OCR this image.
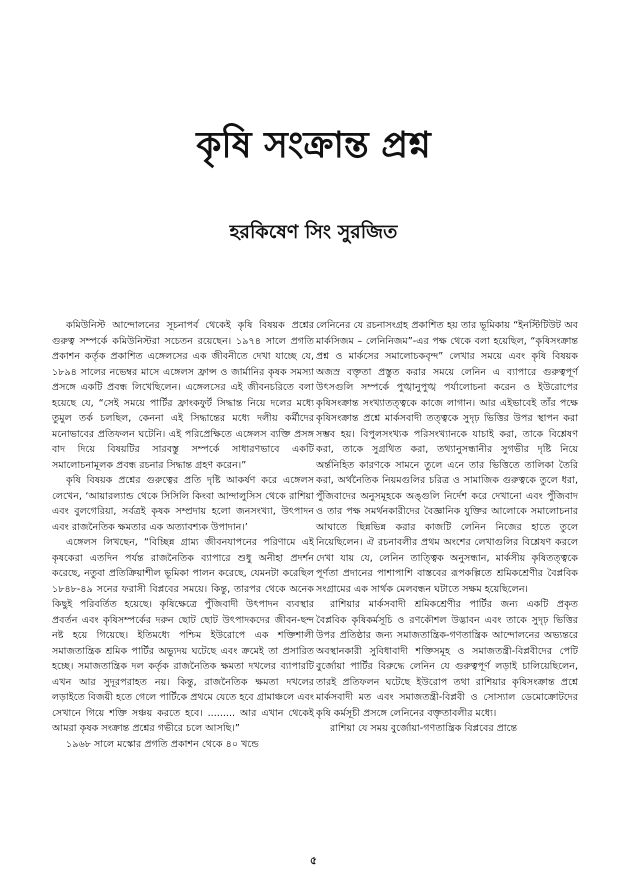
কৃষি সংক্রান্ত প্রশ্ন
হরকিষেণ সিং সুরজিত

কমিউনিস্ট আন্দোলনের সূচনাপর্ব থেকেই কৃষি বিষয়ক প্রশ্নের গুরুত্ব সম্পর্কে কমিউনিস্টরা সচেতন রয়েছেন। ১৯৭৪ সালে প্রগতি প্রকাশন কর্তৃক প্রকাশিত এঙ্গেলসের এক জীবনীতে দেখা যাচ্ছে যে, ১৮৯৪ সালের নভেম্বর মাসে এঙ্গেলস ফ্রান্স ও জার্মানির কৃষক সমস্যা প্রসঙ্গে একটি প্রবন্ধ লিখেছিলেন। এঙ্গেলসের এই জীবনচরিতে বলা হয়েছে যে, “সেই সময়ে পার্টির ফ্রাংকফুর্ট সিদ্ধান্ত নিয়ে দলের মধ্যে তুমুল তর্ক চলছিল, কেননা এই সিদ্ধান্তের মধ্যে দলীয় কর্মীদের মনোভাবের প্রতিফলন ঘটেনি। এই পরিপ্রেক্ষিতে এঙ্গেলস ব্যক্তি প্রসঙ্গ বাদ দিয়ে বিষয়টির সারবস্তু সম্পর্কে সাধারণভাবে একটি সমালোচনামূলক প্রবন্ধ রচনার সিদ্ধান্ত গ্রহণ করেন।”

কৃষি বিষয়ক প্রশ্নের গুরুত্বের প্রতি দৃষ্টি আকর্ষণ করে এঙ্গেলস লেখেন, ‘আয়ারল্যান্ড থেকে সিসিলি কিংবা আন্দালুসিস থেকে রাশিয়া এবং বুলগেরিয়া, সর্বত্রই কৃষক সম্প্রদায় হলো জনসংখ্যা, উৎপাদন এবং রাজনৈতিক ক্ষমতার এক অত্যাবশ্যক উপাদান।’

এঙ্গেলস লিখছেন, “বিচ্ছিন্ন গ্রাম্য জীবনযাপনের পরিণামে এই কৃষকেরা এতদিন পর্যন্ত রাজনৈতিক ব্যাপারে শুধু অনীহা প্রদর্শন করেছে, নতুবা প্রতিক্রিয়াশীল ভূমিকা পালন করেছে, যেমনটা করেছিল ১৮৪৮-৪৯ সনের ফরাসী বিপ্লবের সময়ে। কিন্তু, তারপর থেকে অনেক কিছুই পরিবর্তিত হয়েছে। কৃষিক্ষেত্রে পুঁজিবাদী উৎপাদন ব্যবস্থার প্রবর্তন এবং কৃষিসম্পর্কের দরুন ছোট ছোট উৎপাদকদের জীবন-ছন্দ নষ্ট হয়ে গিয়েছে। ইতিমধ্যে পশ্চিম ইউরোপে এক শক্তিশালী সমাজতান্ত্রিক শ্রমিক পার্টির অভ্যুদয় ঘটেছে এবং ক্রমেই তা প্রসারিত হচ্ছে। সমাজতান্ত্রিক দল কর্তৃক রাজনৈতিক ক্ষমতা দখলের ব্যাপারটি এখন আর সুদূরপরাহত নয়। কিন্তু, রাজনৈতিক ক্ষমতা দখলের লড়াইতে বিজয়ী হতে গেলে পার্টিকে প্রথমে যেতে হবে গ্রামাঞ্চলে এবং সেখানে গিয়ে শক্তি সঞ্চয় করতে হবে। ......... আর এখান থেকেই আমরা কৃষক সংক্রান্ত প্রশ্নের গভীরে চলে আসছি।”

১৯৬৮ সালে মস্কোর প্রগতি প্রকাশন থেকে ৪০ খন্ডে

লেনিনের যে রচনাসংগ্রহ প্রকাশিত হয় তার ভূমিকায় “ইনস্টিটিউট অব মার্কসিজম – লেনিনিজম”-এর পক্ষ থেকে বলা হয়েছিল, “কৃষিসংক্রান্ত প্রশ্ন ও মার্কসের সমালোচকবৃন্দ” লেখার সময়ে এবং কৃষি বিষয়ক অজস্র বক্তৃতা প্রস্তুত করার সময়ে লেনিন এ ব্যাপারে গুরুত্বপূর্ণ উৎসগুলি সম্পর্কে পুঙ্খানুপুঙ্খ পর্যালোচনা করেন ও ইউরোপের কৃষিসংক্রান্ত সংখ্যাতত্ত্বকে কাজে লাগান। আর এইভাবেই তাঁর পক্ষে কৃষিসংক্রান্ত প্রশ্নে মার্কসবাদী তত্ত্বকে সুদৃঢ় ভিত্তির উপর স্থাপন করা সম্ভব হয়। বিপুলসংখ্যক পরিসংখ্যানকে যাচাই করা, তাকে বিশ্লেষণ করা, তাকে সুগ্রথিত করা, তথ্যানুসন্ধানীর সুগভীর দৃষ্টি নিয়ে অর্ন্তনিহিত কারণকে সামনে তুলে এনে তার ভিত্তিতে তালিকা তৈরি করা, অর্থনৈতিক নিয়মগুলির চরিত্র ও সামাজিক গুরুত্বকে তুলে ধরা, পুঁজিবাদের অনুসমূহকে অঙ্গুলি নির্দেশ করে দেখানো এবং পুঁজিবাদ ও তার পক্ষ সমর্থনকারীদের বৈজ্ঞানিক যুক্তির আলোকে সমালোচনার আঘাতে ছিন্নভিন্ন করার কাজটি লেনিন নিজের হাতে তুলে নিয়েছিলেন। ঐ রচনাবলীর প্রথম অংশের লেখাগুলির বিশ্লেষণ করলে দেখা যায় যে, লেনিন তাত্ত্বিক অনুসন্ধান, মার্কসীয় কৃষিতত্ত্বকে পূর্ণতা প্রদানের পাশাপাশি বাস্তবের রূপকল্পিতে শ্রমিকশ্রেণীর বৈপ্লবিক সংগ্রামের এক সার্থক মেলবন্ধন ঘটাতে সক্ষম হয়েছিলেন।

রাশিয়ার মার্কসবাদী শ্রমিকশ্রেণীর পার্টির জন্য একটি প্রকৃত বৈপ্লবিক কৃষিকর্মসূচি ও রণকৌশল উদ্ভাবন এবং তাকে সুদৃঢ় ভিত্তির উপর প্রতিষ্ঠার জন্য সমাজতান্ত্রিক-গণতান্ত্রিক আন্দোলনের অভ্যন্তরে অবস্থানকারী সুবিধাবাদী শক্তিসমূহ ও সমাজতন্ত্রী-বিপ্লবীদের পেটি বুর্জোয়া পার্টির বিরুদ্ধে লেনিন যে গুরুত্বপূর্ণ লড়াই চালিয়েছিলেন, তারই প্রতিফলন ঘটেছে ইউরোপ তথা রাশিয়ার কৃষিসংক্রান্ত প্রশ্নে মার্কসবাদী মত এবং সমাজতন্ত্রী-বিপ্লবী ও সোস্যাল ডেমোক্রোটদের কৃষি কর্মসূচী প্রসঙ্গে লেনিনের বক্তৃতাবলীর মধ্যে।

রাশিয়া যে সময় বুর্জোয়া-গণতান্ত্রিক বিপ্লবের প্রান্তে

৫
